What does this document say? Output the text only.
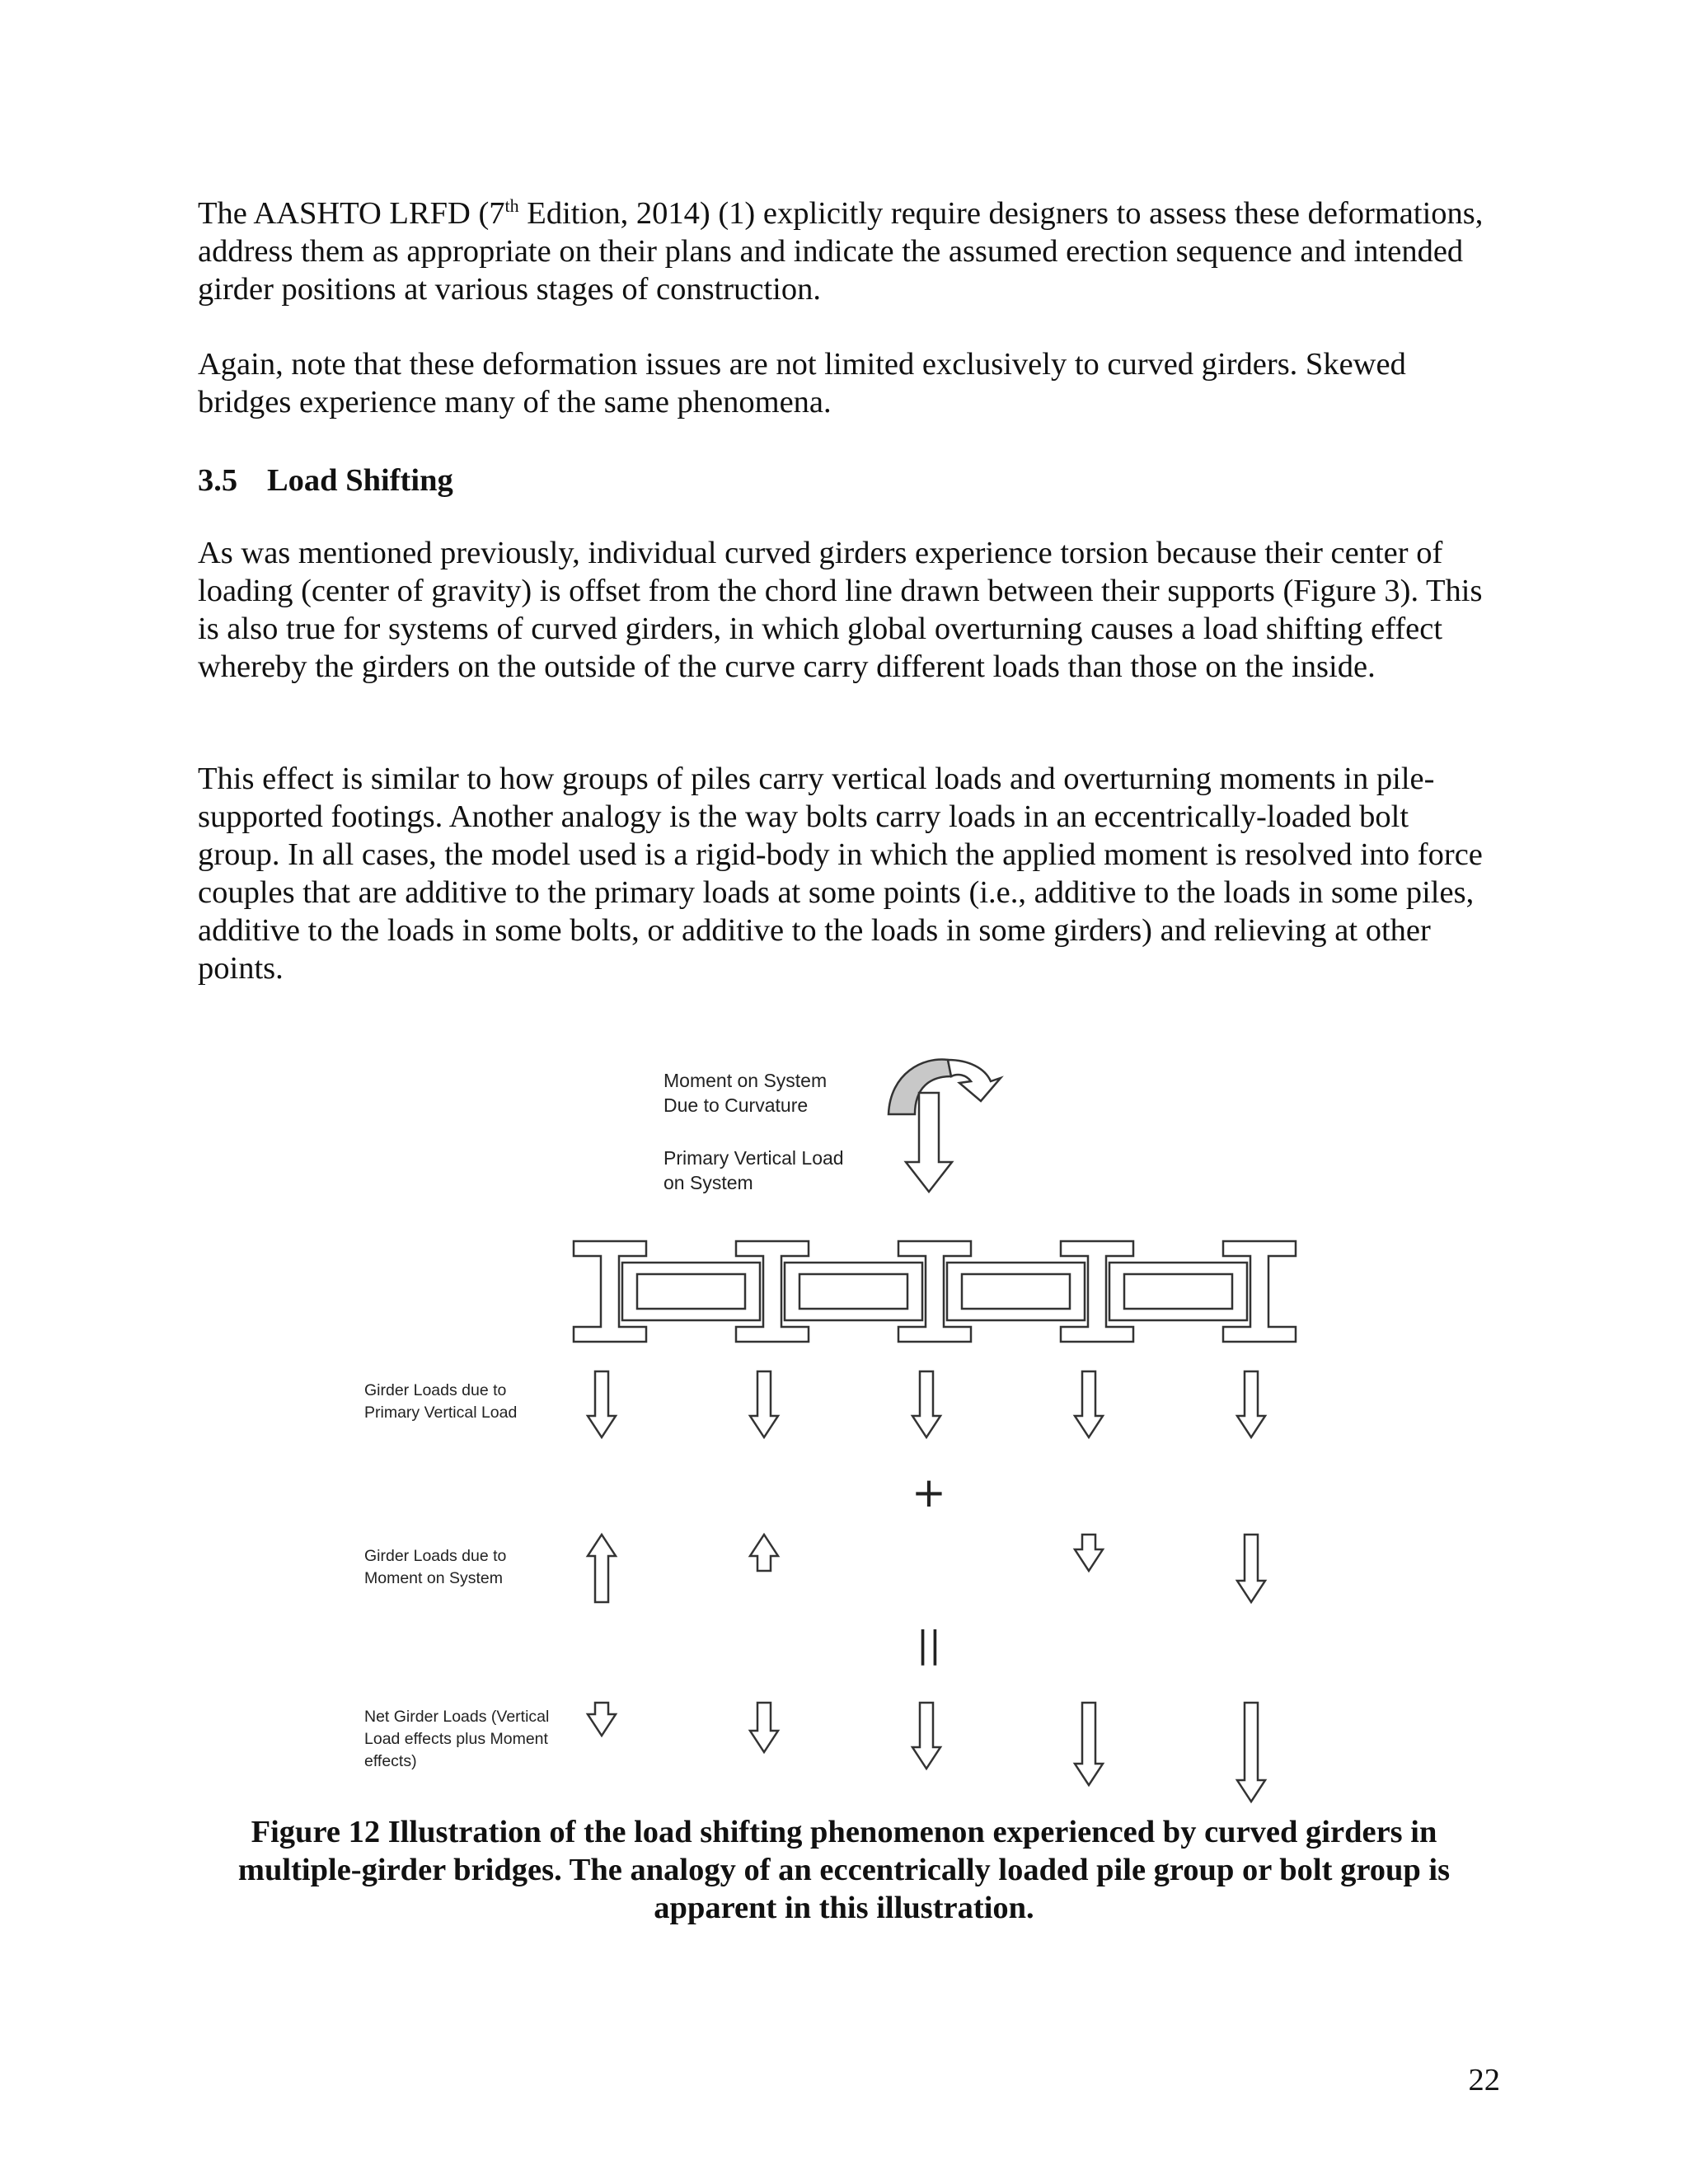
The AASHTO LRFD (7th Edition, 2014) (1) explicitly require designers to assess these deformations, address them as appropriate on their plans and indicate the assumed erection sequence and intended girder positions at various stages of construction.

Again, note that these deformation issues are not limited exclusively to curved girders. Skewed bridges experience many of the same phenomena.

3.5 Load Shifting

As was mentioned previously, individual curved girders experience torsion because their center of loading (center of gravity) is offset from the chord line drawn between their supports (Figure 3). This is also true for systems of curved girders, in which global overturning causes a load shifting effect whereby the girders on the outside of the curve carry different loads than those on the inside.

This effect is similar to how groups of piles carry vertical loads and overturning moments in pile-supported footings. Another analogy is the way bolts carry loads in an eccentrically-loaded bolt group. In all cases, the model used is a rigid-body in which the applied moment is resolved into force couples that are additive to the primary loads at some points (i.e., additive to the loads in some piles, additive to the loads in some bolts, or additive to the loads in some girders) and relieving at other points.

Moment on System
Due to Curvature
Primary Vertical Load
on System
Girder Loads due to
Primary Vertical Load
Girder Loads due to
Moment on System
Net Girder Loads (Vertical
Load effects plus Moment
effects)
+
||

Figure 12 Illustration of the load shifting phenomenon experienced by curved girders in multiple-girder bridges. The analogy of an eccentrically loaded pile group or bolt group is apparent in this illustration.

22
